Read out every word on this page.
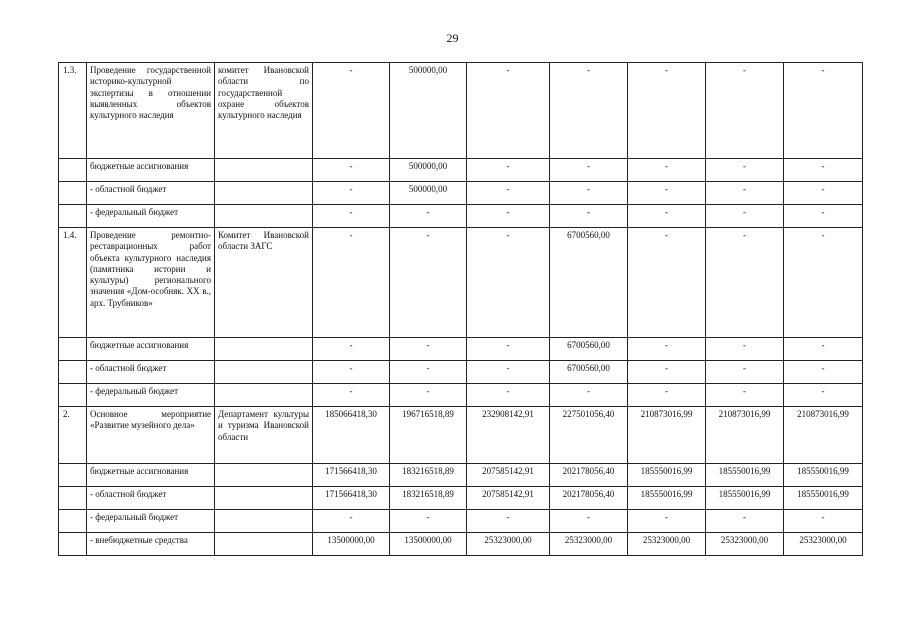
29
1.3.	Проведение государственной историко-культурной экспертизы в отношении выявленных объектов культурного наследия	комитет Ивановской области по государственной охране объектов культурного наследия	-	500000,00	-	-	-	-	-
	бюджетные ассигнования		-	500000,00	-	-	-	-	-
	- областной бюджет		-	500000,00	-	-	-	-	-
	- федеральный бюджет		-	-	-	-	-	-	-
1.4.	Проведение ремонтно-реставрационных работ объекта культурного наследия (памятника истории и культуры) регионального значения «Дом-особняк. XX в., арх. Трубников»	Комитет Ивановской области ЗАГС	-	-	-	6700560,00	-	-	-
	бюджетные ассигнования		-	-	-	6700560,00	-	-	-
	- областной бюджет		-	-	-	6700560,00	-	-	-
	- федеральный бюджет		-	-	-	-	-	-	-
2.	Основное мероприятие «Развитие музейного дела»	Департамент культуры и туризма Ивановской области	185066418,30	196716518,89	232908142,91	227501056,40	210873016,99	210873016,99	210873016,99
	бюджетные ассигнования		171566418,30	183216518,89	207585142,91	202178056,40	185550016,99	185550016,99	185550016,99
	- областной бюджет		171566418,30	183216518,89	207585142,91	202178056,40	185550016,99	185550016,99	185550016,99
	- федеральный бюджет		-	-	-	-	-	-	-
	- внебюджетные средства		13500000,00	13500000,00	25323000,00	25323000,00	25323000,00	25323000,00	25323000,00
